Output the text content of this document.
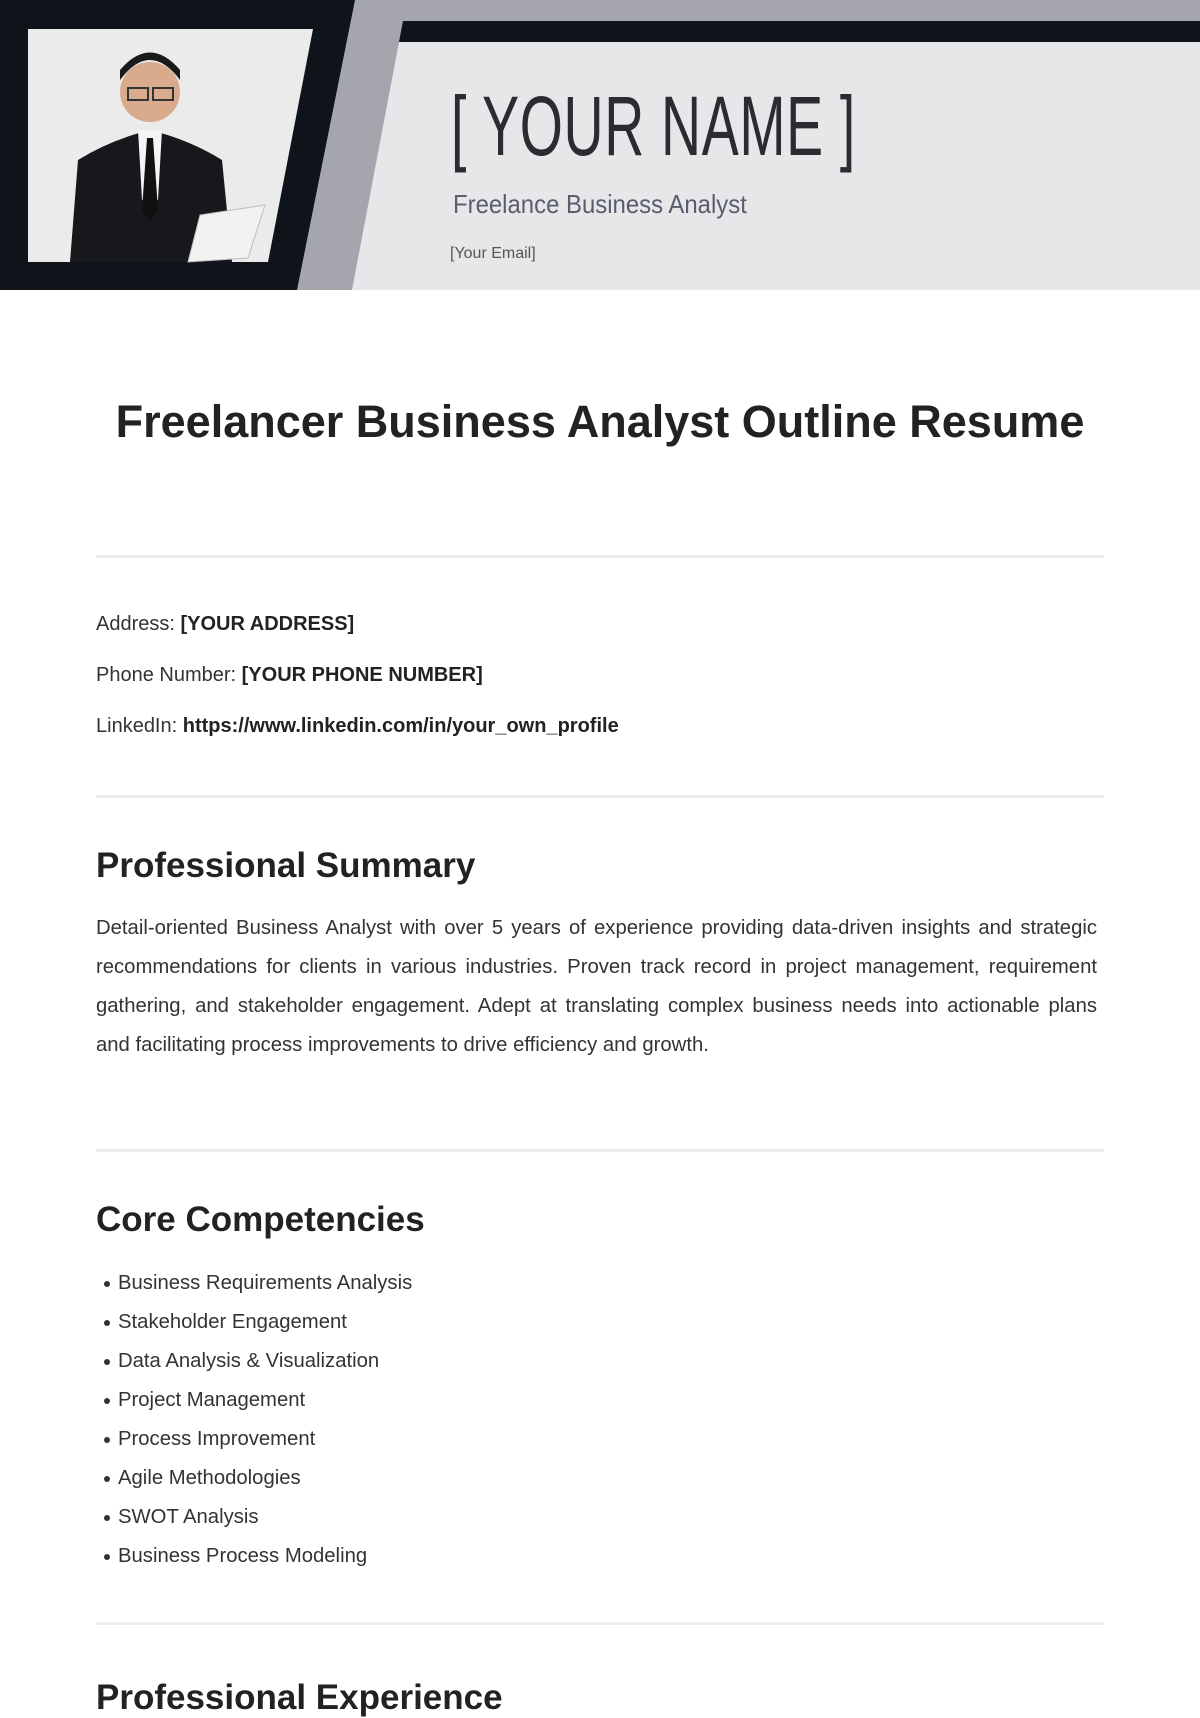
[ YOUR NAME ]
Freelance Business Analyst
[Your Email]
Freelancer Business Analyst Outline Resume
Address: [YOUR ADDRESS]
Phone Number: [YOUR PHONE NUMBER]
LinkedIn: https://www.linkedin.com/in/your_own_profile
Professional Summary

Detail-oriented Business Analyst with over 5 years of experience providing data-driven insights and strategic recommendations for clients in various industries. Proven track record in project management, requirement gathering, and stakeholder engagement. Adept at translating complex business needs into actionable plans and facilitating process improvements to drive efficiency and growth.

Core Competencies
Business Requirements Analysis
Stakeholder Engagement
Data Analysis & Visualization
Project Management
Process Improvement
Agile Methodologies
SWOT Analysis
Business Process Modeling
Professional Experience
